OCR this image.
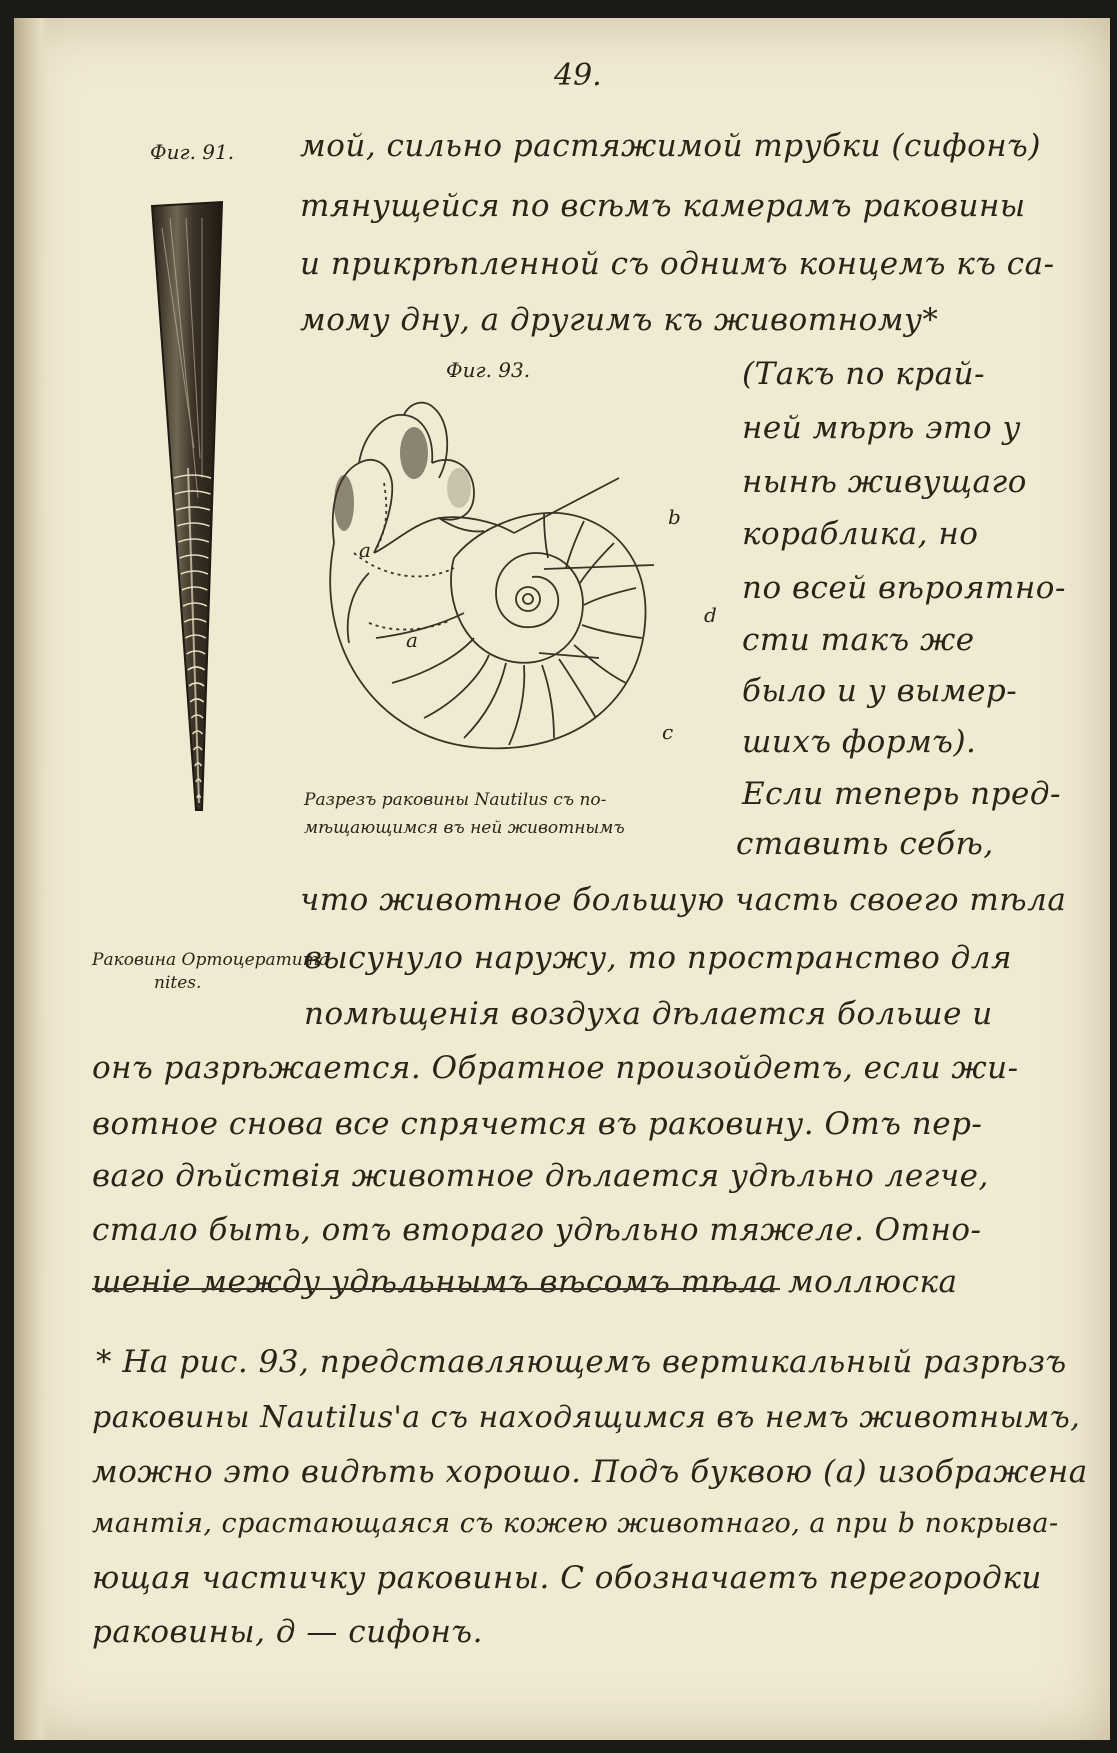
49.
Фиг. 91.
Раковина Ортоцератита
nites.
мой, сильно растяжимой трубки (сифонъ)
тянущейся по всѣмъ камерамъ раковины
и прикрѣпленной съ однимъ концемъ къ са-
мому дну, а другимъ къ животному*
Фиг. 93.
a
a
b
d
c
Разрезъ раковины Nautilus съ по-
мѣщающимся въ ней животнымъ
(Такъ по край-
ней мѣрѣ это у
нынѣ живущаго
кораблика, но
по всей вѣроятно-
сти такъ же
было и у вымер-
шихъ формъ).
Если теперь пред-
ставить себѣ,
что животное большую часть своего тѣла
высунуло наружу, то пространство для
помѣщенія воздуха дѣлается больше и
онъ разрѣжается. Обратное произойдетъ, если жи-
вотное снова все спрячется въ раковину. Отъ пер-
ваго дѣйствія животное дѣлается удѣльно легче,
стало быть, отъ втораго удѣльно тяжеле. Отно-
шеніе между удѣльнымъ вѣсомъ тѣла моллюска
* На рис. 93, представляющемъ вертикальный разрѣзъ
раковины Nautilus'а съ находящимся въ немъ животнымъ,
можно это видѣть хорошо. Подъ буквою (а) изображена
мантія, срастающаяся съ кожею животнаго, а при b покрыва-
ющая частичку раковины. С обозначаетъ перегородки
раковины, д — сифонъ.
